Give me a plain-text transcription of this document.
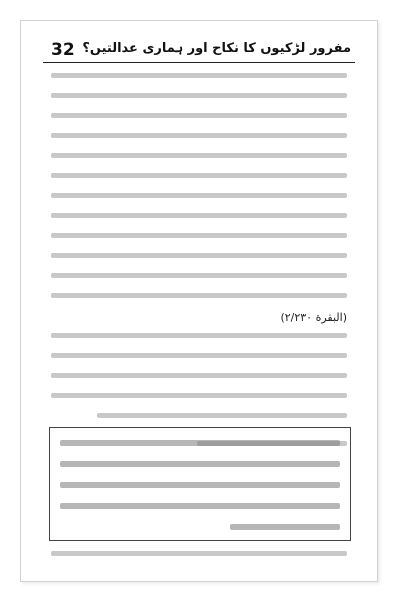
32 مفرور لڑکیوں کا نکاح اور ہماری عدالتیں؟
(البقرة ٢/٢٣٠)
